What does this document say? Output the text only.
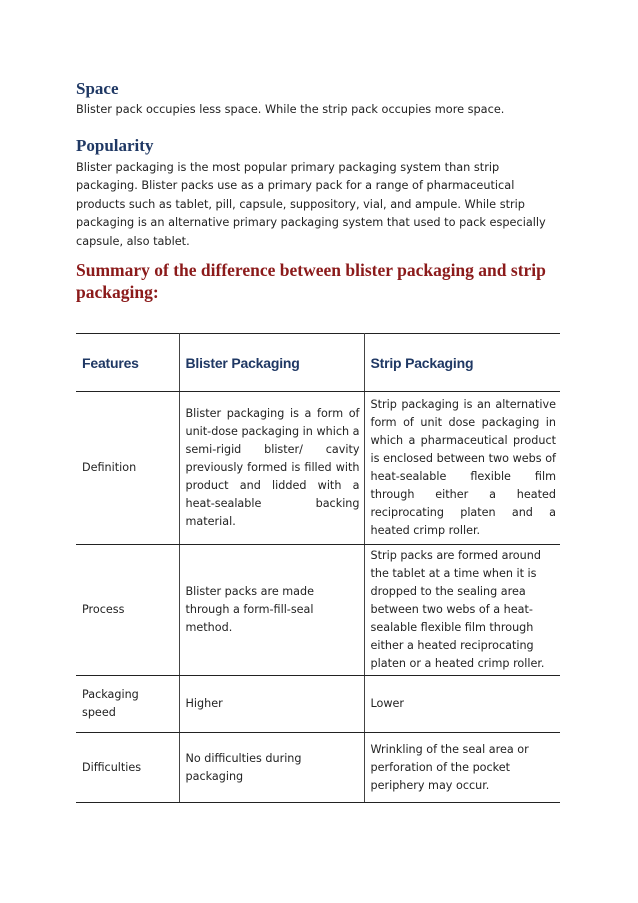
Space

Blister pack occupies less space. While the strip pack occupies more space.

Popularity

Blister packaging is the most popular primary packaging system than strip packaging. Blister packs use as a primary pack for a range of pharmaceutical products such as tablet, pill, capsule, suppository, vial, and ampule. While strip packaging is an alternative primary packaging system that used to pack especially capsule, also tablet.

Summary of the difference between blister packaging and strip packaging:
Features	Blister Packaging	Strip Packaging
Definition	Blister packaging is a form of unit-dose packaging in which a semi-rigid blister/ cavity previously formed is filled with product and lidded with a heat-sealable backing material.	Strip packaging is an alternative form of unit dose packaging in which a pharmaceutical product is enclosed between two webs of heat-sealable flexible film through either a heated reciprocating platen and a heated crimp roller.
Process	Blister packs are made through a form-fill-seal method.	Strip packs are formed around the tablet at a time when it is dropped to the sealing area between two webs of a heat-sealable flexible film through either a heated reciprocating platen or a heated crimp roller.
Packaging speed	Higher	Lower
Difficulties	No difficulties during packaging	Wrinkling of the seal area or perforation of the pocket periphery may occur.
